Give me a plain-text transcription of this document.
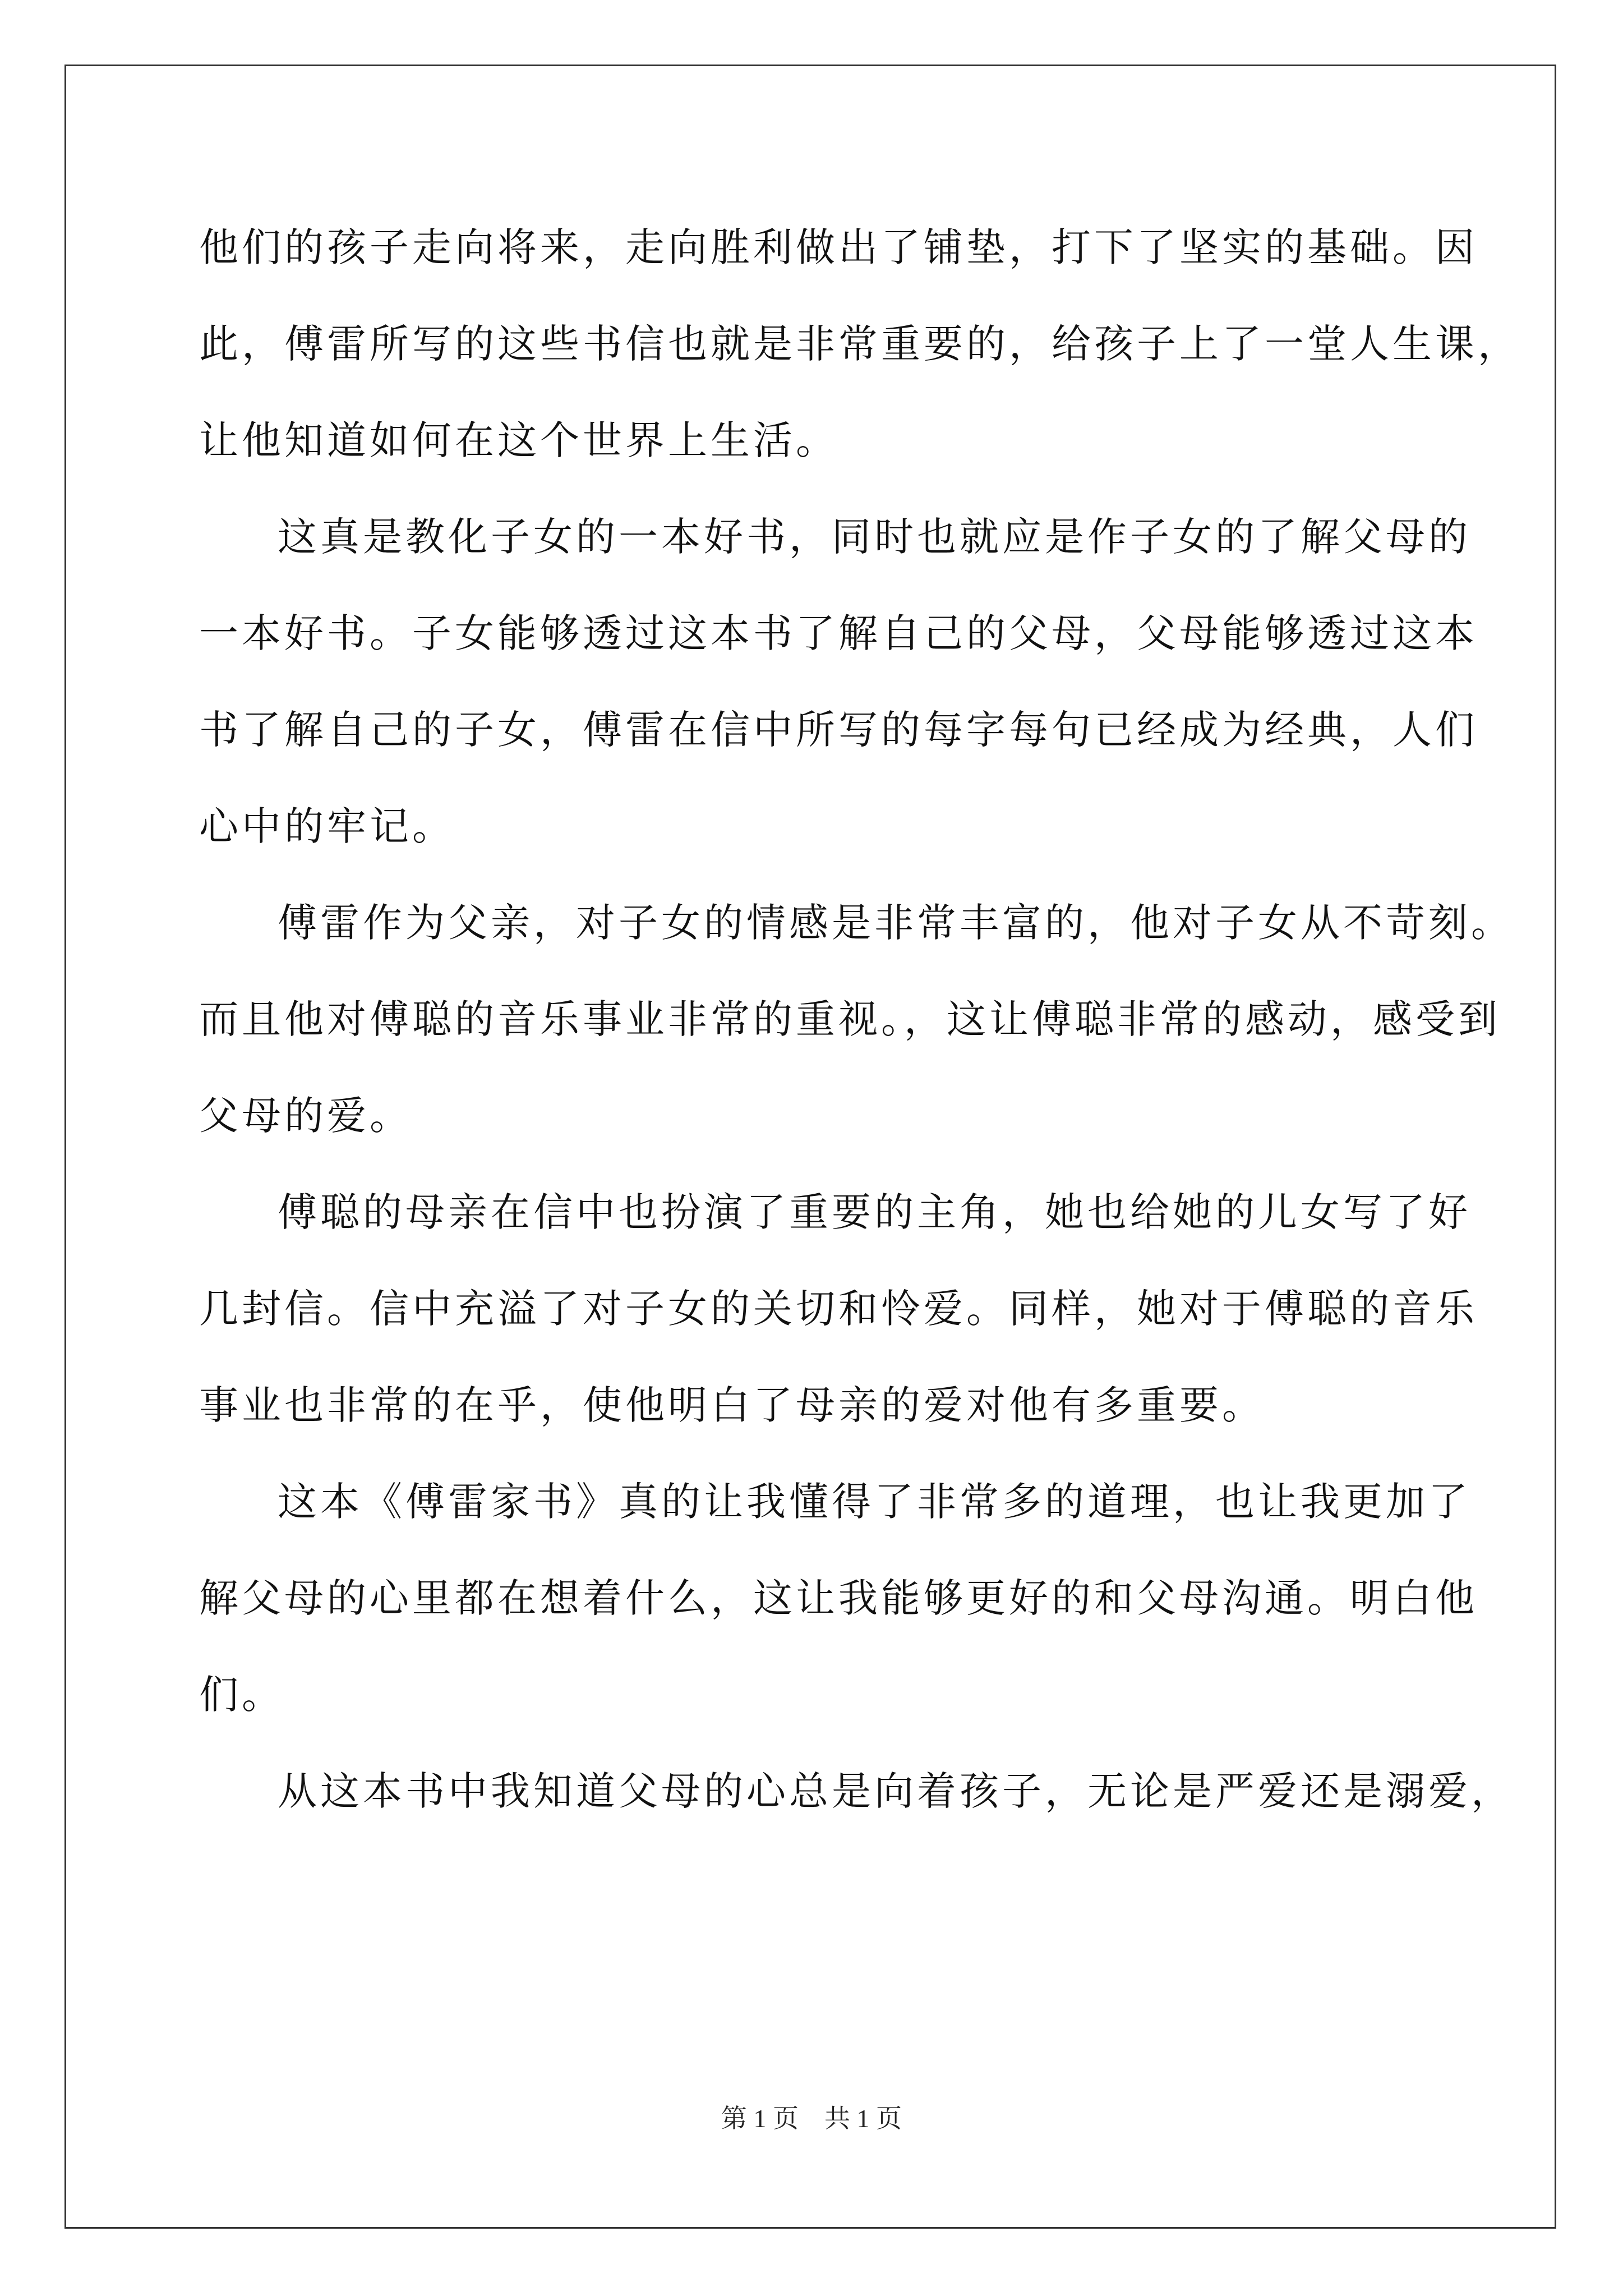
他们的孩子走向将来，走向胜利做出了铺垫，打下了坚实的基础。因
此，傅雷所写的这些书信也就是非常重要的，给孩子上了一堂人生课，
让他知道如何在这个世界上生活。
这真是教化子女的一本好书，同时也就应是作子女的了解父母的
一本好书。子女能够透过这本书了解自己的父母，父母能够透过这本
书了解自己的子女，傅雷在信中所写的每字每句已经成为经典，人们
心中的牢记。
傅雷作为父亲，对子女的情感是非常丰富的，他对子女从不苛刻。
而且他对傅聪的音乐事业非常的重视。，这让傅聪非常的感动，感受到
父母的爱。
傅聪的母亲在信中也扮演了重要的主角，她也给她的儿女写了好
几封信。信中充溢了对子女的关切和怜爱。同样，她对于傅聪的音乐
事业也非常的在乎，使他明白了母亲的爱对他有多重要。
这本《傅雷家书》真的让我懂得了非常多的道理，也让我更加了
解父母的心里都在想着什么，这让我能够更好的和父母沟通。明白他
们。
从这本书中我知道父母的心总是向着孩子，无论是严爱还是溺爱，
第 1 页　共 1 页
